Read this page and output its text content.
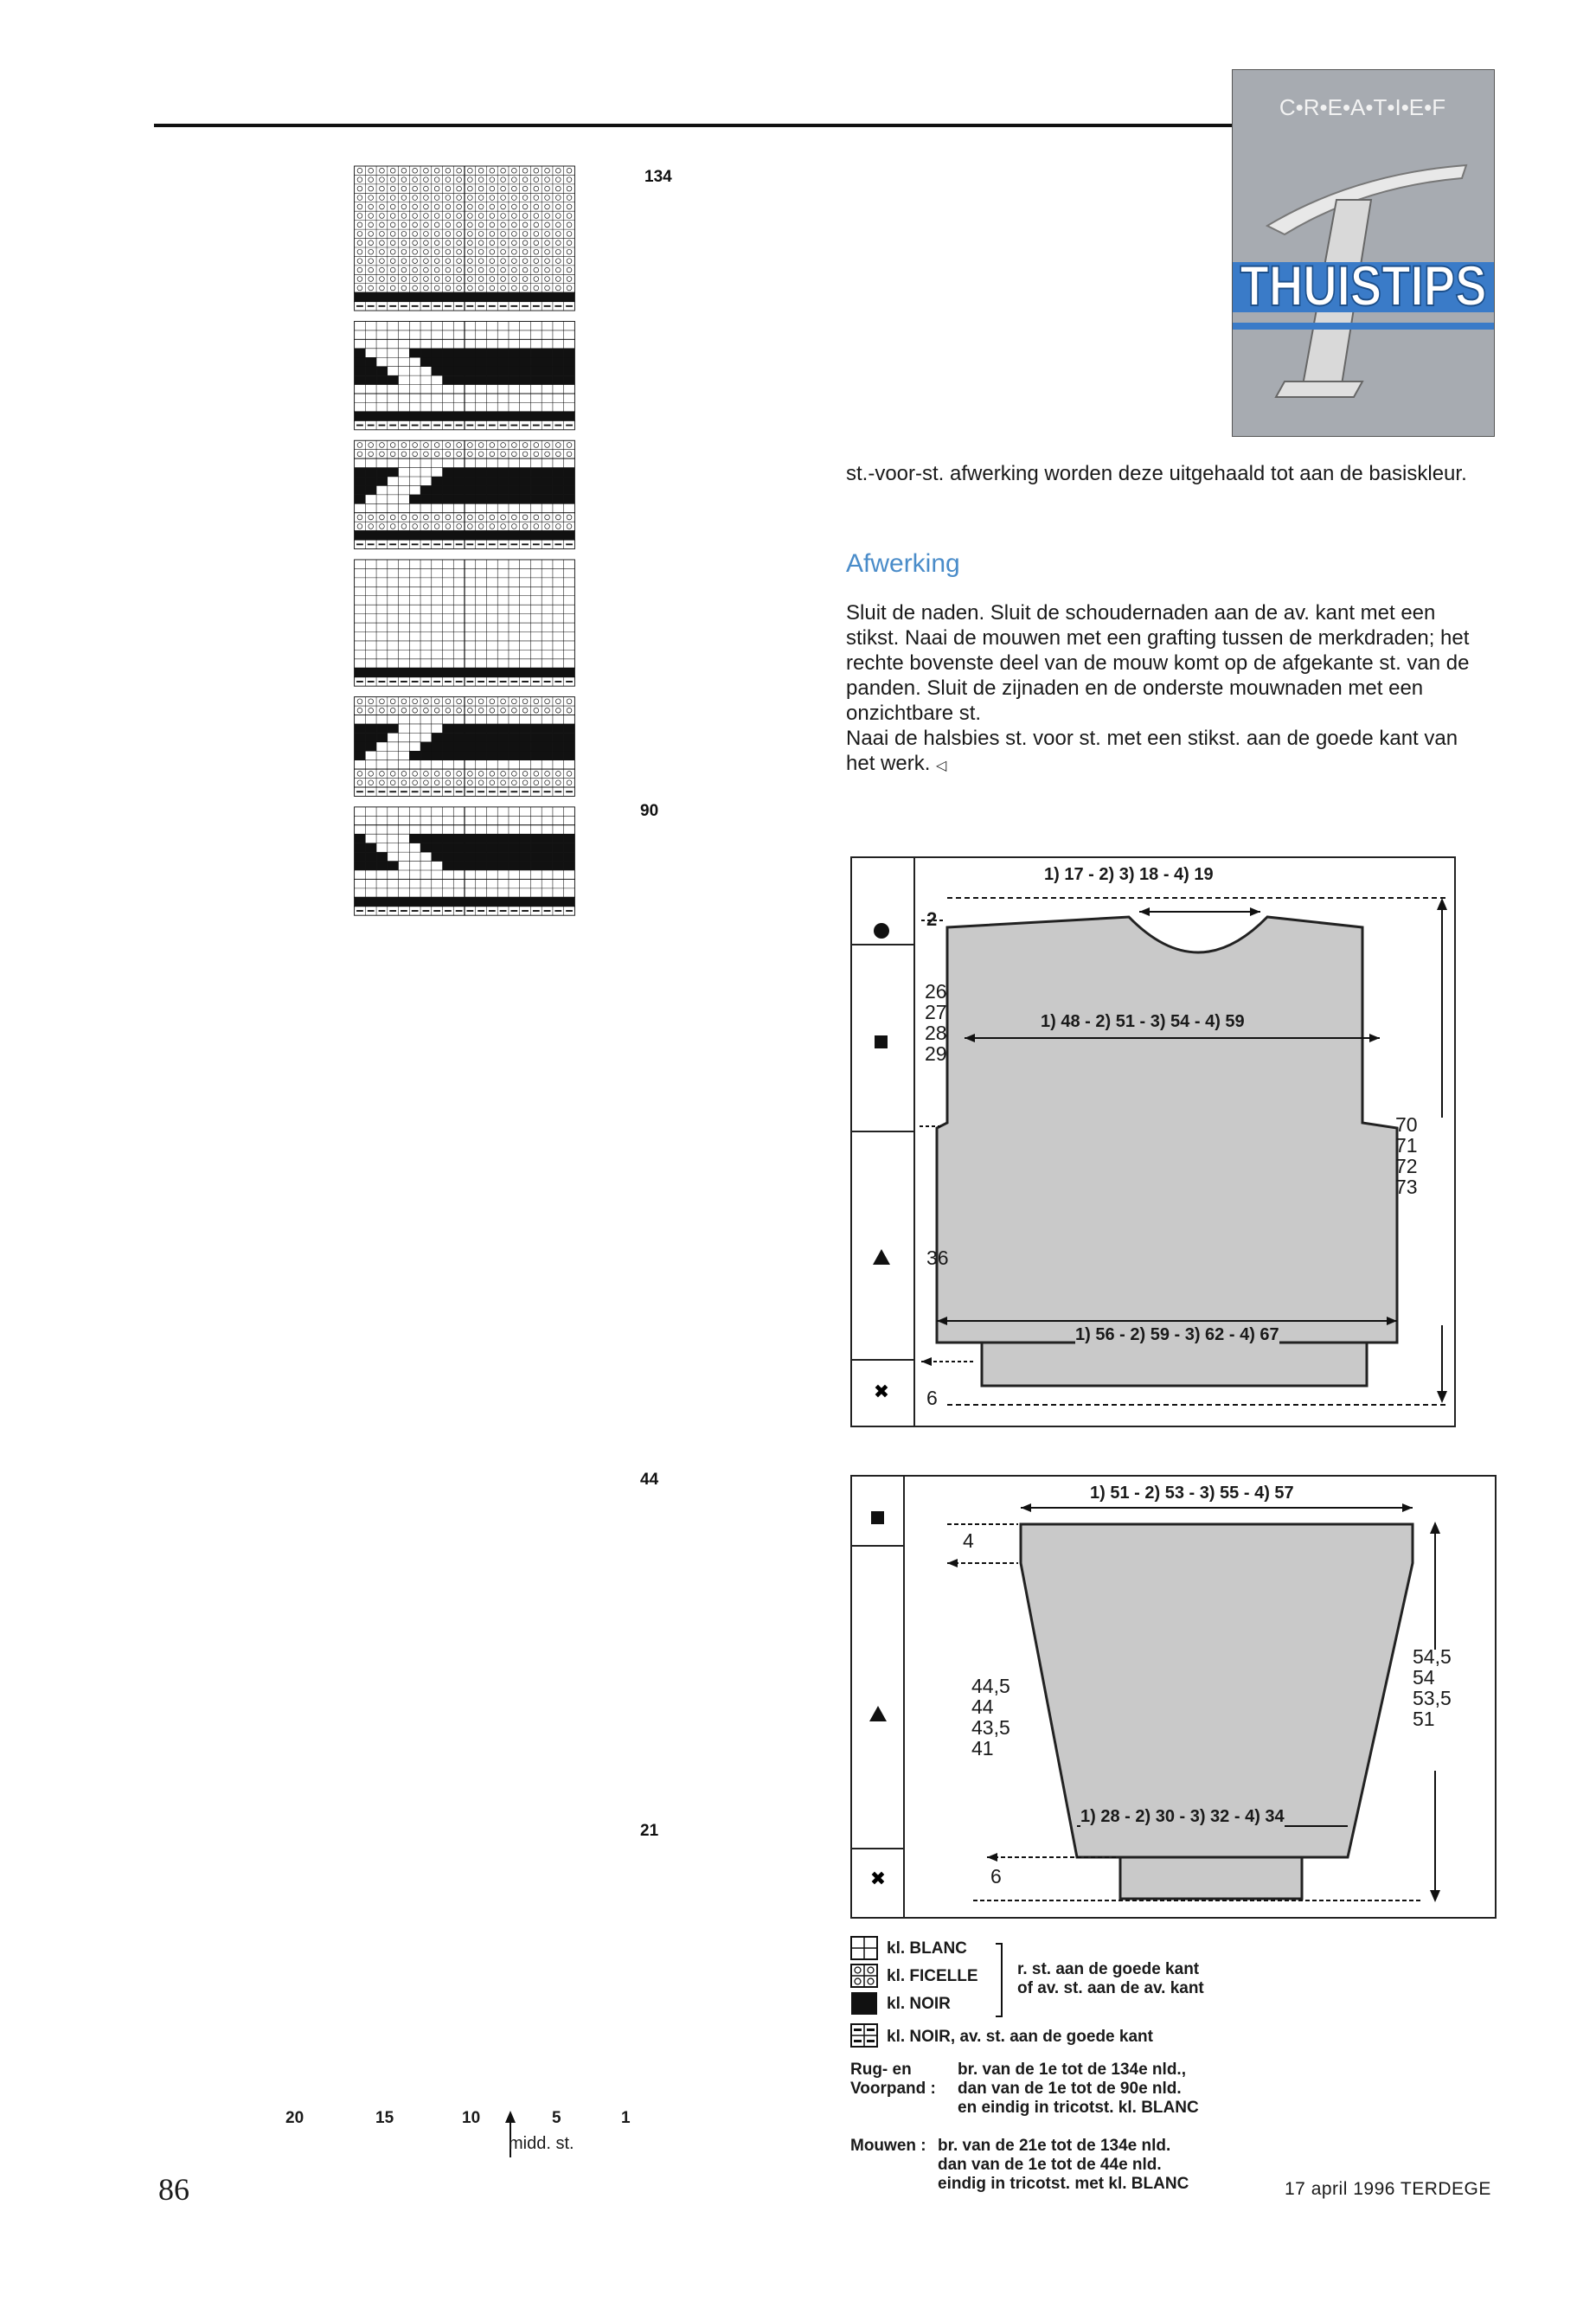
C•R•E•A•T•I•E•F
THUISTIPS
134
90
44
21
20	15	10	5	1
midd. st.
st.-voor-st. afwerking worden deze uitgehaald tot aan de basiskleur.
Afwerking
Sluit de naden. Sluit de schoudernaden aan de av. kant met een stikst. Naai de mouwen met een grafting tussen de merkdraden; het rechte bovenste deel van de mouw komt op de afgekante st. van de panden. Sluit de zijnaden en de onderste mouwnaden met een onzichtbare st.
Naai de halsbies st. voor st. met een stikst. aan de goede kant van het werk. ◁
✖
1) 17 - 2) 3) 18 - 4) 19
2
26
27
28
29
1) 48 - 2) 51 - 3) 54 - 4) 59
70
71
72
73
36
1) 56 - 2) 59 - 3) 62 - 4) 67
6
✖
1) 51 - 2) 53 - 3) 55 - 4) 57
4
44,5
44
43,5
41
54,5
54
53,5
51
1) 28 - 2) 30 - 3) 32 - 4) 34
6
kl. BLANC
kl. FICELLE
kl. NOIR
r. st. aan de goede kant
of av. st. aan de av. kant
kl. NOIR, av. st. aan de goede kant
Rug- en
Voorpand :
br. van de 1e tot de 134e nld.,
dan van de 1e tot de 90e nld.
en eindig in tricotst. kl. BLANC
Mouwen : br. van de 21e tot de 134e nld.
dan van de 1e tot de 44e nld.
eindig in tricotst. met kl. BLANC
86	17 april 1996 TERDEGE
